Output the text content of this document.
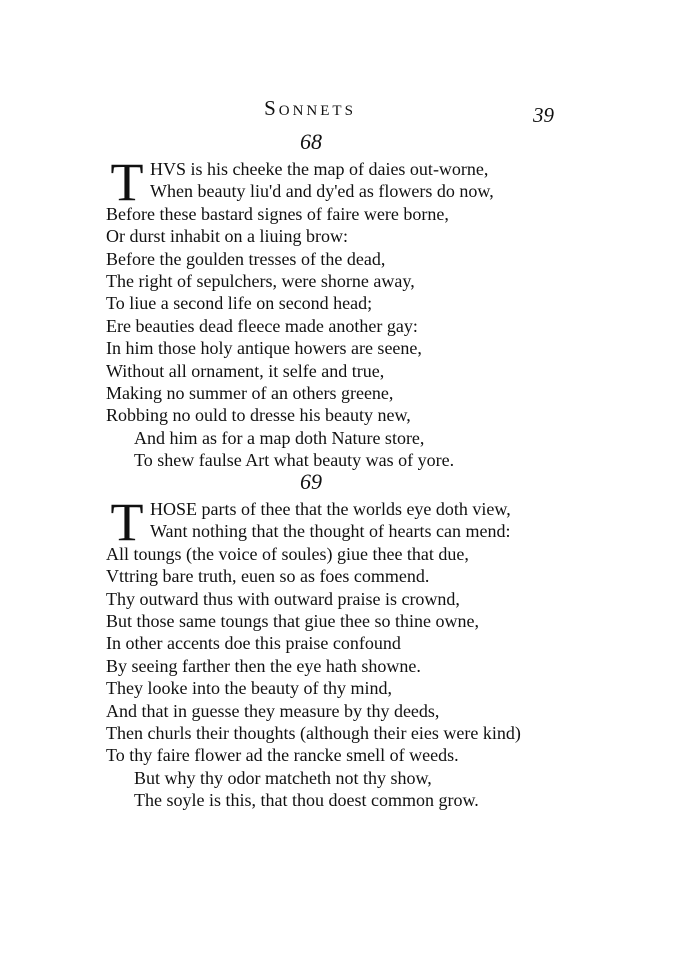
Sonnets	39
68
T HVS is his cheeke the map of daies out-worne,
When beauty liu'd and dy'ed as flowers do now,
Before these bastard signes of faire were borne,
Or durst inhabit on a liuing brow:
Before the goulden tresses of the dead,
The right of sepulchers, were shorne away,
To liue a second life on second head;
Ere beauties dead fleece made another gay:
In him those holy antique howers are seene,
Without all ornament, it selfe and true,
Making no summer of an others greene,
Robbing no ould to dresse his beauty new,
And him as for a map doth Nature store,
To shew faulse Art what beauty was of yore.
69
T HOSE parts of thee that the worlds eye doth view,
Want nothing that the thought of hearts can mend:
All toungs (the voice of soules) giue thee that due,
Vttring bare truth, euen so as foes commend.
Thy outward thus with outward praise is crownd,
But those same toungs that giue thee so thine owne,
In other accents doe this praise confound
By seeing farther then the eye hath showne.
They looke into the beauty of thy mind,
And that in guesse they measure by thy deeds,
Then churls their thoughts (although their eies were kind)
To thy faire flower ad the rancke smell of weeds.
But why thy odor matcheth not thy show,
The soyle is this, that thou doest common grow.
